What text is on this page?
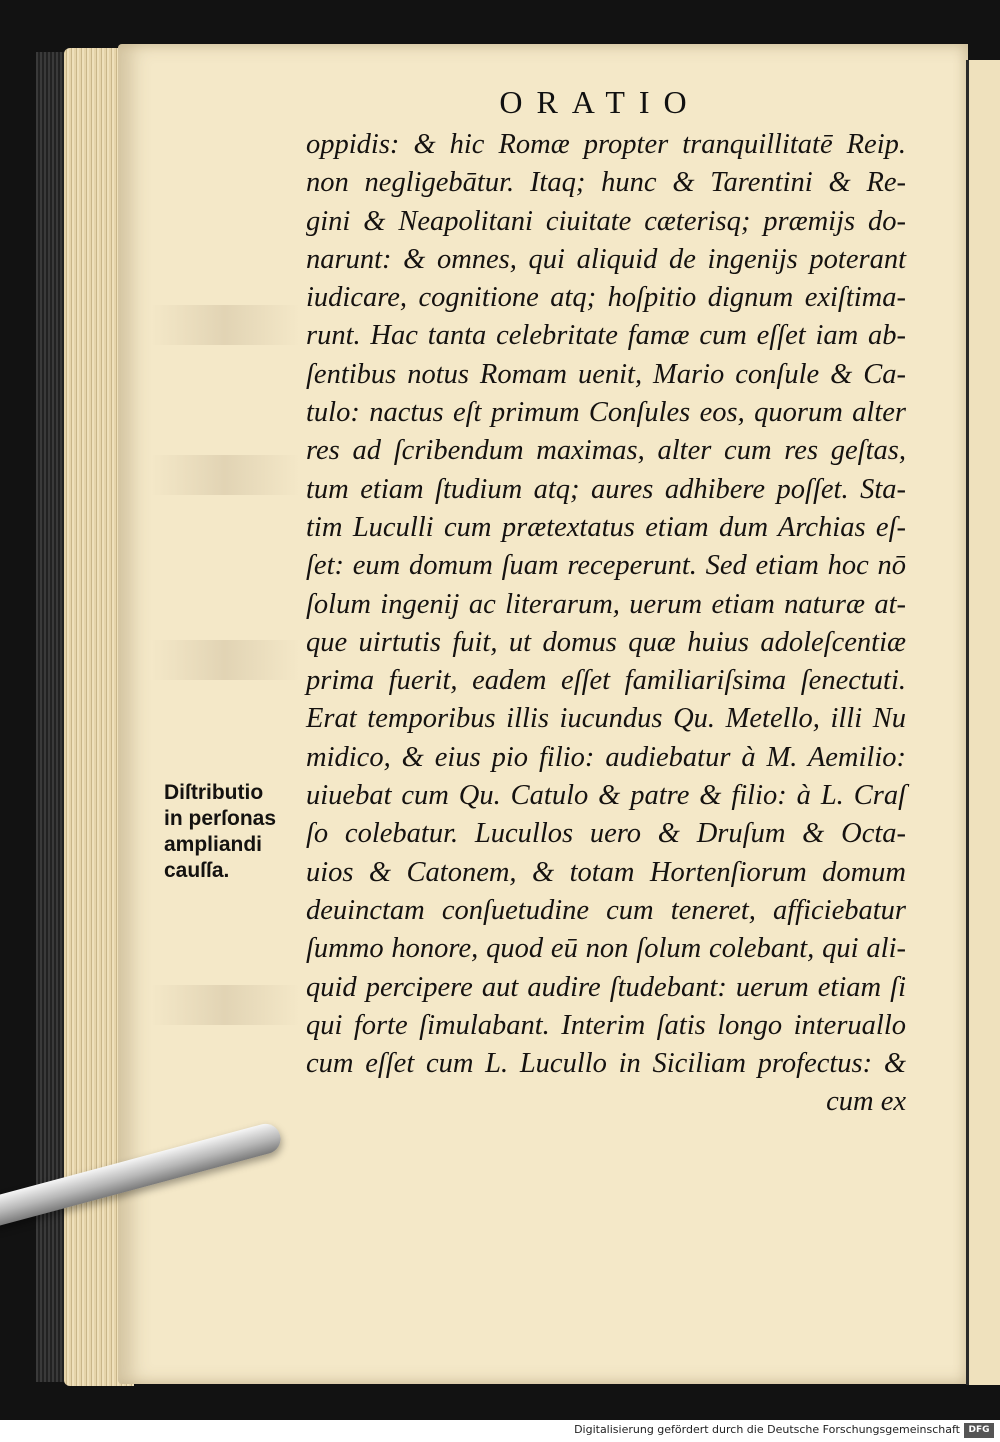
ORATIO
oppidis: & hic Romæ propter tranquillitatē Reip.
non negligebātur. Itaq; hunc & Tarentini & Re-
gini & Neapolitani ciuitate cæterisq; præmijs do-
narunt: & omnes, qui aliquid de ingenijs poterant
iudicare, cognitione atq; hoſpitio dignum exiſtima-
runt. Hac tanta celebritate famæ cum eſſet iam ab-
ſentibus notus Romam uenit, Mario conſule & Ca-
tulo: nactus eſt primum Conſules eos, quorum alter
res ad ſcribendum maximas, alter cum res geſtas,
tum etiam ſtudium atq; aures adhibere poſſet. Sta-
tim Luculli cum prætextatus etiam dum Archias eſ-
ſet: eum domum ſuam receperunt. Sed etiam hoc nō
ſolum ingenij ac literarum, uerum etiam naturæ at-
que uirtutis fuit, ut domus quæ huius adoleſcentiæ
prima fuerit, eadem eſſet familiariſsima ſenectuti.
Erat temporibus illis iucundus Qu. Metello, illi Nu
midico, & eius pio filio: audiebatur à M. Aemilio:
uiuebat cum Qu. Catulo & patre & filio: à L. Craſ
ſo colebatur. Lucullos uero & Druſum & Octa-
uios & Catonem, & totam Hortenſiorum domum
deuinctam conſuetudine cum teneret, afficiebatur
ſummo honore, quod eū non ſolum colebant, qui ali-
quid percipere aut audire ſtudebant: uerum etiam ſi
qui forte ſimulabant. Interim ſatis longo interuallo
cum eſſet cum L. Lucullo in Siciliam profectus: &
cum ex
Diſtributio
in perſonas
ampliandi
cauſſa.
Digitalisierung gefördert durch die Deutsche Forschungsgemeinschaft DFG
